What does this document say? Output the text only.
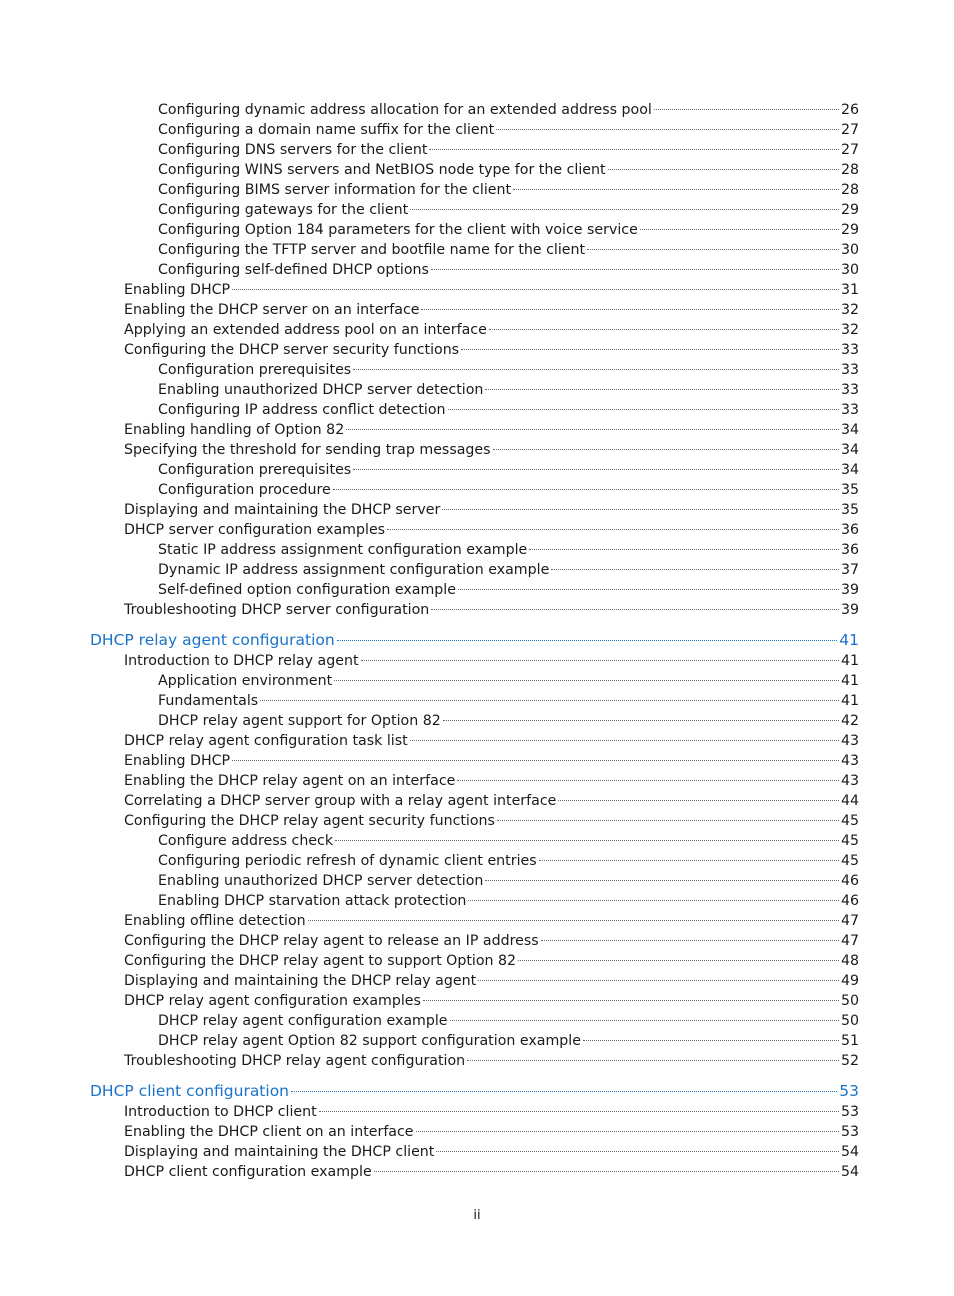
Configuring dynamic address allocation for an extended address pool	26
Configuring a domain name suffix for the client	27
Configuring DNS servers for the client	27
Configuring WINS servers and NetBIOS node type for the client	28
Configuring BIMS server information for the client	28
Configuring gateways for the client	29
Configuring Option 184 parameters for the client with voice service	29
Configuring the TFTP server and bootfile name for the client	30
Configuring self-defined DHCP options	30
Enabling DHCP	31
Enabling the DHCP server on an interface	32
Applying an extended address pool on an interface	32
Configuring the DHCP server security functions	33
Configuration prerequisites	33
Enabling unauthorized DHCP server detection	33
Configuring IP address conflict detection	33
Enabling handling of Option 82	34
Specifying the threshold for sending trap messages	34
Configuration prerequisites	34
Configuration procedure	35
Displaying and maintaining the DHCP server	35
DHCP server configuration examples	36
Static IP address assignment configuration example	36
Dynamic IP address assignment configuration example	37
Self-defined option configuration example	39
Troubleshooting DHCP server configuration	39
DHCP relay agent configuration	41
Introduction to DHCP relay agent	41
Application environment	41
Fundamentals	41
DHCP relay agent support for Option 82	42
DHCP relay agent configuration task list	43
Enabling DHCP	43
Enabling the DHCP relay agent on an interface	43
Correlating a DHCP server group with a relay agent interface	44
Configuring the DHCP relay agent security functions	45
Configure address check	45
Configuring periodic refresh of dynamic client entries	45
Enabling unauthorized DHCP server detection	46
Enabling DHCP starvation attack protection	46
Enabling offline detection	47
Configuring the DHCP relay agent to release an IP address	47
Configuring the DHCP relay agent to support Option 82	48
Displaying and maintaining the DHCP relay agent	49
DHCP relay agent configuration examples	50
DHCP relay agent configuration example	50
DHCP relay agent Option 82 support configuration example	51
Troubleshooting DHCP relay agent configuration	52
DHCP client configuration	53
Introduction to DHCP client	53
Enabling the DHCP client on an interface	53
Displaying and maintaining the DHCP client	54
DHCP client configuration example	54
ii
